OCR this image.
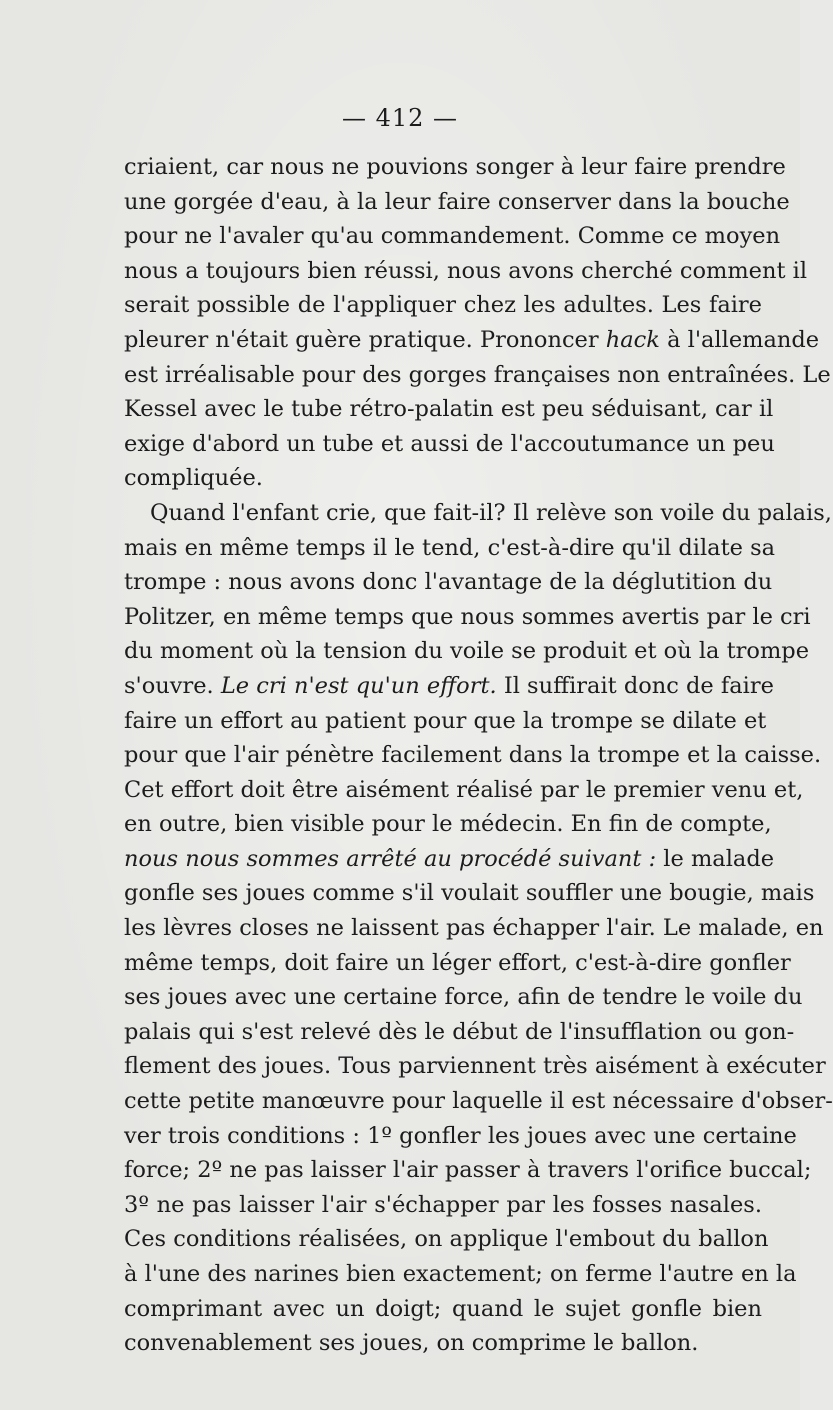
— 412 —
criaient, car nous ne pouvions songer à leur faire prendre
une gorgée d'eau, à la leur faire conserver dans la bouche
pour ne l'avaler qu'au commandement. Comme ce moyen
nous a toujours bien réussi, nous avons cherché comment il
serait possible de l'appliquer chez les adultes. Les faire
pleurer n'était guère pratique. Prononcer hack à l'allemande
est irréalisable pour des gorges françaises non entraînées. Le
Kessel avec le tube rétro-palatin est peu séduisant, car il
exige d'abord un tube et aussi de l'accoutumance un peu
compliquée.
Quand l'enfant crie, que fait-il? Il relève son voile du palais,
mais en même temps il le tend, c'est-à-dire qu'il dilate sa
trompe : nous avons donc l'avantage de la déglutition du
Politzer, en même temps que nous sommes avertis par le cri
du moment où la tension du voile se produit et où la trompe
s'ouvre. Le cri n'est qu'un effort. Il suffirait donc de faire
faire un effort au patient pour que la trompe se dilate et
pour que l'air pénètre facilement dans la trompe et la caisse.
Cet effort doit être aisément réalisé par le premier venu et,
en outre, bien visible pour le médecin. En fin de compte,
nous nous sommes arrêté au procédé suivant : le malade
gonfle ses joues comme s'il voulait souffler une bougie, mais
les lèvres closes ne laissent pas échapper l'air. Le malade, en
même temps, doit faire un léger effort, c'est-à-dire gonfler
ses joues avec une certaine force, afin de tendre le voile du
palais qui s'est relevé dès le début de l'insufflation ou gon-
flement des joues. Tous parviennent très aisément à exécuter
cette petite manœuvre pour laquelle il est nécessaire d'obser-
ver trois conditions : 1º gonfler les joues avec une certaine
force; 2º ne pas laisser l'air passer à travers l'orifice buccal;
3º ne pas laisser l'air s'échapper par les fosses nasales.
Ces conditions réalisées, on applique l'embout du ballon
à l'une des narines bien exactement; on ferme l'autre en la
comprimant avec un doigt; quand le sujet gonfle bien
convenablement ses joues, on comprime le ballon.
